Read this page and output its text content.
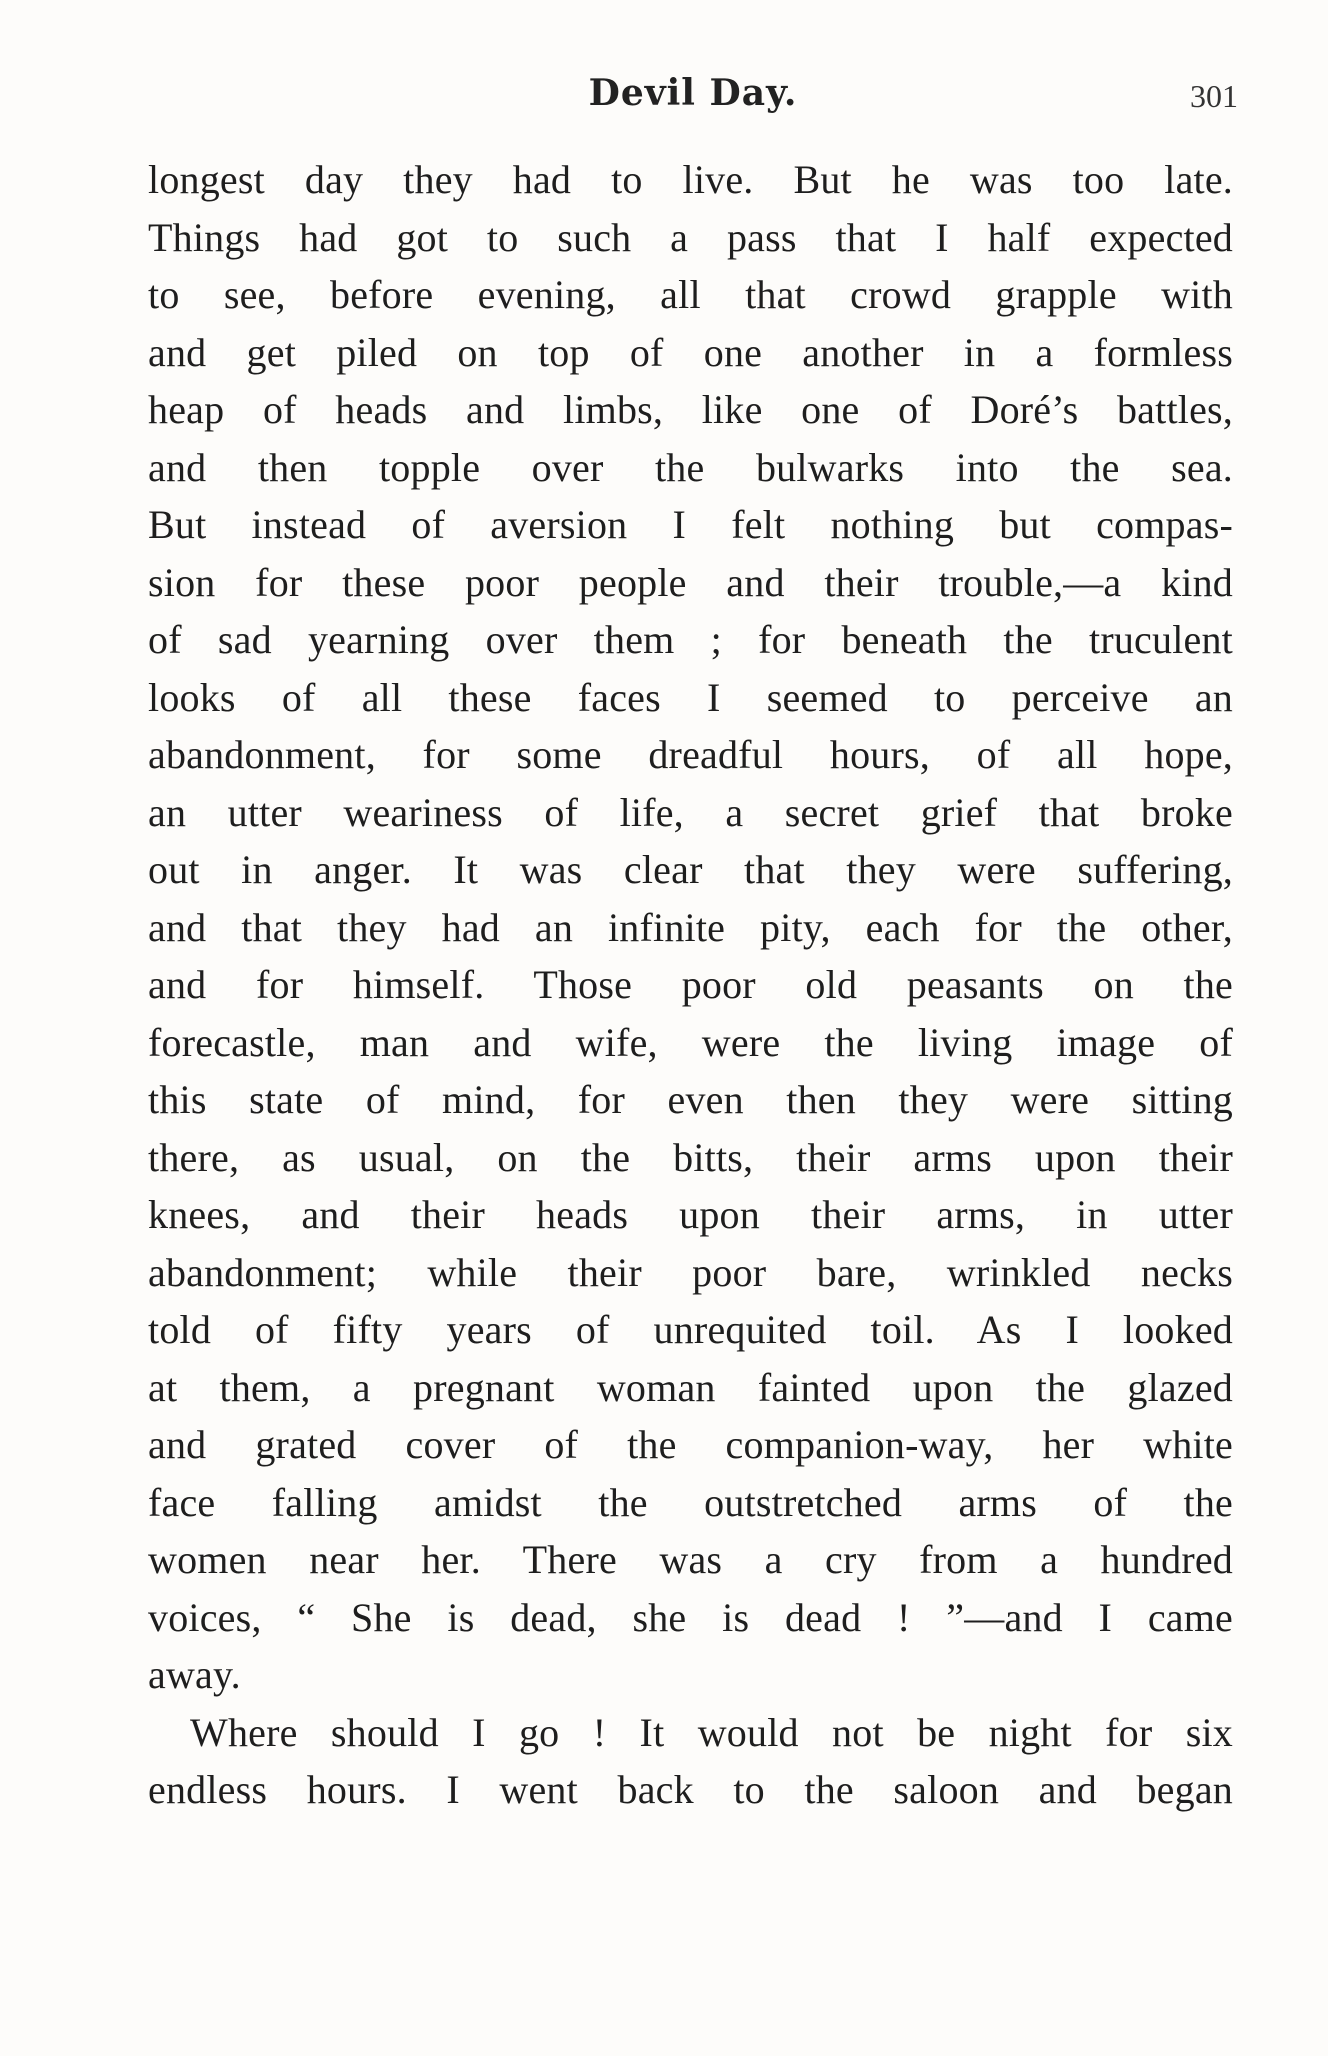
Devil Day.	301
longest day they had to live. But he was too late.
Things had got to such a pass that I half expected
to see, before evening, all that crowd grapple with
and get piled on top of one another in a formless
heap of heads and limbs, like one of Doré’s battles,
and then topple over the bulwarks into the sea.
But instead of aversion I felt nothing but compas-
sion for these poor people and their trouble,—a kind
of sad yearning over them ; for beneath the truculent
looks of all these faces I seemed to perceive an
abandonment, for some dreadful hours, of all hope,
an utter weariness of life, a secret grief that broke
out in anger. It was clear that they were suffering,
and that they had an infinite pity, each for the other,
and for himself. Those poor old peasants on the
forecastle, man and wife, were the living image of
this state of mind, for even then they were sitting
there, as usual, on the bitts, their arms upon their
knees, and their heads upon their arms, in utter
abandonment; while their poor bare, wrinkled necks
told of fifty years of unrequited toil. As I looked
at them, a pregnant woman fainted upon the glazed
and grated cover of the companion-way, her white
face falling amidst the outstretched arms of the
women near her. There was a cry from a hundred
voices, “ She is dead, she is dead ! ”—and I came
away.
Where should I go ! It would not be night for six
endless hours. I went back to the saloon and began
